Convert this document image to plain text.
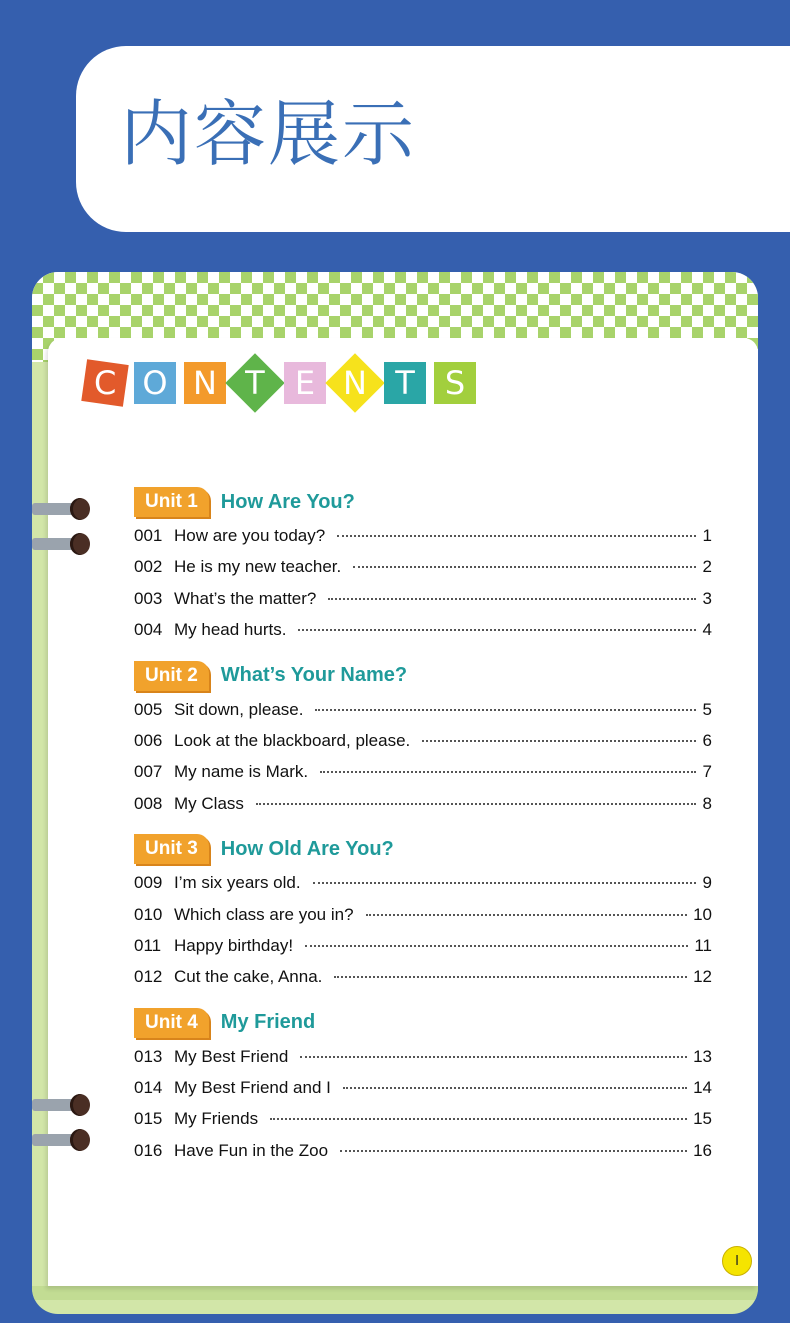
内容展示
C O N T E N T S
Unit 1	How Are You?
001 How are you today?	1
002 He is my new teacher.	2
003 What’s the matter?	3
004 My head hurts.	4
Unit 2	What’s Your Name?
005 Sit down, please.	5
006 Look at the blackboard, please.	6
007 My name is Mark.	7
008 My Class	8
Unit 3	How Old Are You?
009 I’m six years old.	9
010 Which class are you in?	10
011 Happy birthday!	11
012 Cut the cake, Anna.	12
Unit 4	My Friend
013 My Best Friend	13
014 My Best Friend and I	14
015 My Friends	15
016 Have Fun in the Zoo	16
I
